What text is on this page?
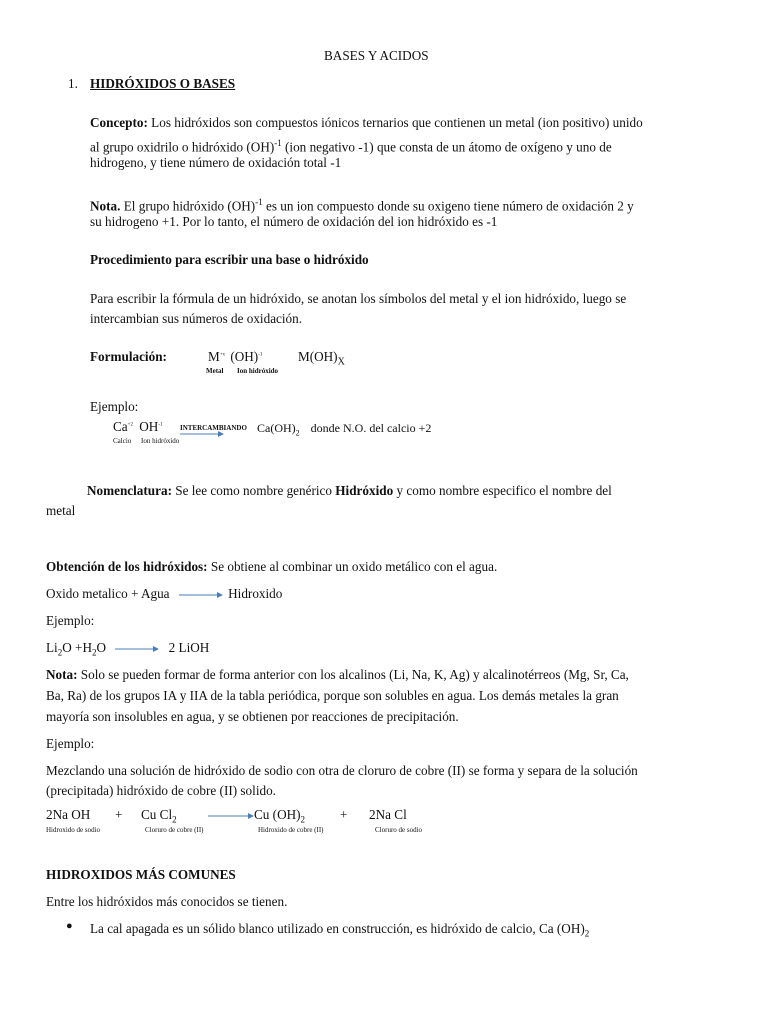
BASES Y ACIDOS
1. HIDRÓXIDOS O BASES
Concepto: Los hidróxidos son compuestos iónicos ternarios que contienen un metal (ion positivo) unido
al grupo oxidrilo o hidróxido (OH)$^{-1}$ (ion negativo -1) que consta de un átomo de oxígeno y uno de
hidrogeno, y tiene número de oxidación total -1
Nota. El grupo hidróxido (OH)$^{-1}$ es un ion compuesto donde su oxigeno tiene número de oxidación 2 y
su hidrogeno +1. Por lo tanto, el número de oxidación del ion hidróxido es -1
Procedimiento para escribir una base o hidróxido
Para escribir la fórmula de un hidróxido, se anotan los símbolos del metal y el ion hidróxido, luego se
intercambian sus números de oxidación.
Formulación:	$M^{+x}$ (OH)$^{-1}$	$M(OH)_X$
Metal Ion hidróxido
Ejemplo:
$Ca^{+2}$ $OH^{-1}$ INTERCAMBIANDO $Ca(OH)_2$ donde N.O. del calcio +2
Calcio Ion hidróxido
Nomenclatura: Se lee como nombre genérico Hidróxido y como nombre especifico el nombre del
metal
Obtención de los hidróxidos: Se obtiene al combinar un oxido metálico con el agua.
Oxido metalico + Agua	Hidroxido
Ejemplo:
$Li_2O +H_2O$	2 LiOH
Nota: Solo se pueden formar de forma anterior con los alcalinos (Li, Na, K, Ag) y alcalinotérreos (Mg, Sr, Ca,
Ba, Ra) de los grupos IA y IIA de la tabla periódica, porque son solubles en agua. Los demás metales la gran
mayoría son insolubles en agua, y se obtienen por reacciones de precipitación.
Ejemplo:
Mezclando una solución de hidróxido de sodio con otra de cloruro de cobre (II) se forma y separa de la solución
(precipitada) hidróxido de cobre (II) solido.
2Na OH + Cu $Cl_2 \to Cu$ $(OH)_2$	+ 2Na Cl
Hidroxido de sodio	Cloruro de cobre (II)	Hidroxido de cobre (II)	Cloruro de sodio
HIDROXIDOS MÁS COMUNES
Entre los hidróxidos más conocidos se tienen.
● La cal apagada es un sólido blanco utilizado en construcción, es hidróxido de calcio, Ca $(OH)_2$
